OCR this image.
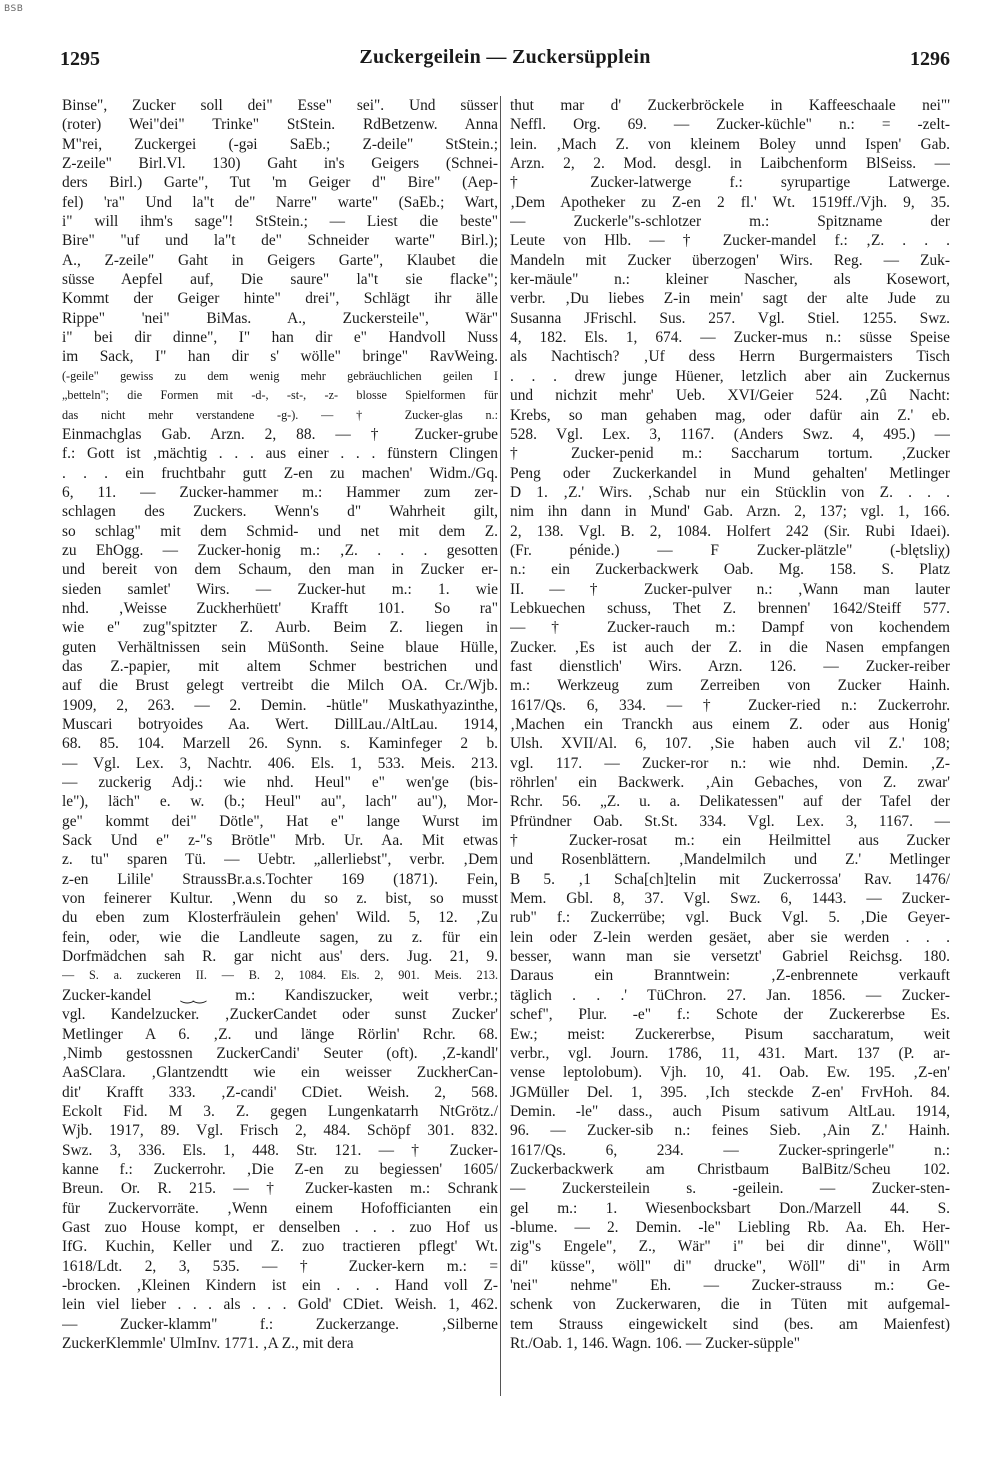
BSB
1295	Zuckergeilein — Zuckersüpplein	1296
Binse", Zucker soll dei" Esse" sei". Und süsser
(roter) Wei"dei" Trinke" StStein. RdBetzenw. Anna
M"rei, Zuckergei (-gəi SaEb.; Z-deile" StStein.;
Z-zeile" Birl.Vl. 130) Gaht in's Geigers (Schnei-
ders Birl.) Garte", Tut 'm Geiger d" Bire" (Aep-
fel) 'ra" Und la"t de" Narre" warte" (SaEb.; Wart,
i" will ihm's sage"! StStein.; — Liest die beste"
Bire" "uf und la"t de" Schneider warte" Birl.);
A., Z-zeile" Gaht in Geigers Garte", Klaubet die
süsse Aepfel auf, Die saure" la"t sie flacke";
Kommt der Geiger hinte" drei", Schlägt ihr älle
Rippe" 'nei" BiMas. A., Zuckersteile", Wär"
i" bei dir dinne", I" han dir e" Handvoll Nuss
im Sack, I" han dir s' wölle" bringe" RavWeing.
(-geile" gewiss zu dem wenig mehr gebräuchlichen geilen I
„betteln"; die Formen mit -d-, -st-, -z- blosse Spielformen für
das nicht mehr verstandene -g-). — † Zucker-glas n.:
Einmachglas Gab. Arzn. 2, 88. — † Zucker-grube
f.: Gott ist ‚mächtig . . . aus einer . . . fünstern Clingen
. . . ein fruchtbahr gutt Z-en zu machen' Widm./Gq.
6, 11. — Zucker-hammer m.: Hammer zum zer-
schlagen des Zuckers. Wenn's d" Wahrheit gilt,
so schlag" mit dem Schmid- und net mit dem Z.
zu EhOgg. — Zucker-honig m.: ‚Z. . . . gesotten
und bereit von dem Schaum, den man in Zucker er-
sieden samlet' Wirs. — Zucker-hut m.: 1. wie
nhd. ‚Weisse Zuckherhüett' Krafft 101. So ra"
wie e" zug"spitzter Z. Aurb. Beim Z. liegen in
guten Verhältnissen sein MüSonth. Seine blaue Hülle,
das Z.-papier, mit altem Schmer bestrichen und
auf die Brust gelegt vertreibt die Milch OA. Cr./Wjb.
1909, 2, 263. — 2. Demin. -hütle" Muskathyazinthe,
Muscari botryoides Aa. Wert. DillLau./AltLau. 1914,
68. 85. 104. Marzell 26. Synn. s. Kaminfeger 2 b.
— Vgl. Lex. 3, Nachtr. 406. Els. 1, 533. Meis. 213.
— zuckerig Adj.: wie nhd. Heul" e" wen'ge (bis-
le"), läch" e. w. (b.; Heul" au", lach" au"), Mor-
ge" kommt dei" Dötle", Hat e" lange Wurst im
Sack Und e" z-"s Brötle" Mrb. Ur. Aa. Mit etwas
z. tu" sparen Tü. — Uebtr. „allerliebst", verbr. ‚Dem
z-en Lilile' StraussBr.a.s.Tochter 169 (1871). Fein,
von feinerer Kultur. ‚Wenn du so z. bist, so musst
du eben zum Klosterfräulein gehen' Wild. 5, 12. ‚Zu
fein, oder, wie die Landleute sagen, zu z. für ein
Dorfmädchen sah R. gar nicht aus' ders. Jug. 21, 9.
— S. a. zuckeren II. — B. 2, 1084. Els. 2, 901. Meis. 213.
Zucker-kandel ‿‿ m.: Kandiszucker, weit verbr.;
vgl. Kandelzucker. ‚ZuckerCandet oder sunst Zucker'
Metlinger A 6. ‚Z. und länge Rörlin' Rchr. 68.
‚Nimb gestossnen ZuckerCandi' Seuter (oft). ‚Z-kandl'
AaSClara. ‚Glantzendtt wie ein weisser ZuckherCan-
dit' Krafft 333. ‚Z-candi' CDiet. Weish. 2, 568.
Eckolt Fid. M 3. Z. gegen Lungenkatarrh NtGrötz./
Wjb. 1917, 89. Vgl. Frisch 2, 484. Schöpf 301. 832.
Swz. 3, 336. Els. 1, 448. Str. 121. — † Zucker-
kanne f.: Zuckerrohr. ‚Die Z-en zu begiessen' 1605/
Breun. Or. R. 215. — † Zucker-kasten m.: Schrank
für Zuckervorräte. ‚Wenn einem Hofofficianten ein
Gast zuo House kompt, er denselben . . . zuo Hof us
IfG. Kuchin, Keller und Z. zuo tractieren pflegt' Wt.
1618/Ldt. 2, 3, 535. — † Zucker-kern m.: =
-brocken. ‚Kleinen Kindern ist ein . . . Hand voll Z-
lein viel lieber . . . als . . . Gold' CDiet. Weish. 1, 462.
— Zucker-klamm" f.: Zuckerzange. ‚Silberne
ZuckerKlemmle' UlmInv. 1771. ‚A Z., mit dera
thut mar d' Zuckerbröckele in Kaffeeschaale nei"'
Neffl. Org. 69. — Zucker-küchle" n.: = -zelt-
lein. ‚Mach Z. von kleinem Boley unnd Ispen' Gab.
Arzn. 2, 2. Mod. desgl. in Laibchenform BlSeiss. —
† Zucker-latwerge f.: syrupartige Latwerge.
‚Dem Apotheker zu Z-en 2 fl.' Wt. 1519ff./Vjh. 9, 35.
— Zuckerle"s-schlotzer m.: Spitzname der
Leute von Hlb. — † Zucker-mandel f.: ‚Z. . . .
Mandeln mit Zucker überzogen' Wirs. Reg. — Zuk-
ker-mäule" n.: kleiner Nascher, als Kosewort,
verbr. ‚Du liebes Z-in mein' sagt der alte Jude zu
Susanna JFrischl. Sus. 257. Vgl. Stiel. 1255. Swz.
4, 182. Els. 1, 674. — Zucker-mus n.: süsse Speise
als Nachtisch? ‚Uf dess Herrn Burgermaisters Tisch
. . . drew junge Hüener, letzlich aber ain Zuckernus
und nichzit mehr' Ueb. XVI/Geier 524. ‚Zû Nacht:
Krebs, so man gehaben mag, oder dafür ain Z.' eb.
528. Vgl. Lex. 3, 1167. (Anders Swz. 4, 495.) —
† Zucker-penid m.: Saccharum tortum. ‚Zucker
Peng oder Zuckerkandel in Mund gehalten' Metlinger
D 1. ‚Z.' Wirs. ‚Schab nur ein Stücklin von Z. . . .
nim ihn dann in Mund' Gab. Arzn. 2, 137; vgl. 1, 166.
2, 138. Vgl. B. 2, 1084. Holfert 242 (Sir. Rubi Idaei).
(Fr. pénide.) — F Zucker-plätzle" (-blętsliχ)
n.: ein Zuckerbackwerk Oab. Mg. 158. S. Platz
II. — † Zucker-pulver n.: ‚Wann man lauter
Lebkuechen schuss, Thet Z. brennen' 1642/Steiff 577.
— † Zucker-rauch m.: Dampf von kochendem
Zucker. ‚Es ist auch der Z. in die Nasen empfangen
fast dienstlich' Wirs. Arzn. 126. — Zucker-reiber
m.: Werkzeug zum Zerreiben von Zucker Hainh.
1617/Qs. 6, 334. — † Zucker-ried n.: Zuckerrohr.
‚Machen ein Tranckh aus einem Z. oder aus Honig'
Ulsh. XVII/Al. 6, 107. ‚Sie haben auch vil Z.' 108;
vgl. 117. — Zucker-ror n.: wie nhd. Demin. ‚Z-
röhrlen' ein Backwerk. ‚Ain Gebaches, von Z. zwar'
Rchr. 56. „Z. u. a. Delikatessen" auf der Tafel der
Pfründner Oab. St.St. 334. Vgl. Lex. 3, 1167. —
† Zucker-rosat m.: ein Heilmittel aus Zucker
und Rosenblättern. ‚Mandelmilch und Z.' Metlinger
B 5. ‚1 Scha[ch]telin mit Zuckerrossa' Rav. 1476/
Mem. Gbl. 8, 37. Vgl. Swz. 6, 1443. — Zucker-
rub" f.: Zuckerrübe; vgl. Buck Vgl. 5. ‚Die Geyer-
lein oder Z-lein werden gesäet, aber sie werden . . .
besser, wann man sie versetzt' Gabriel Reichsg. 180.
Daraus ein Branntwein: ‚Z-enbrennete verkauft
täglich . . .' TüChron. 27. Jan. 1856. — Zucker-
schef", Plur. -e" f.: Schote der Zuckererbse Es.
Ew.; meist: Zuckererbse, Pisum saccharatum, weit
verbr., vgl. Journ. 1786, 11, 431. Mart. 137 (P. ar-
vense leptolobum). Vjh. 10, 41. Oab. Ew. 195. ‚Z-en'
JGMüller Del. 1, 395. ‚Ich steckde Z-en' FrvHoh. 84.
Demin. -le" dass., auch Pisum sativum AltLau. 1914,
96. — Zucker-sib n.: feines Sieb. ‚Ain Z.' Hainh.
1617/Qs. 6, 234. — Zucker-springerle" n.:
Zuckerbackwerk am Christbaum BalBitz/Scheu 102.
— Zuckersteilein s. -geilein. — Zucker-sten-
gel m.: 1. Wiesenbocksbart Don./Marzell 44. S.
-blume. — 2. Demin. -le" Liebling Rb. Aa. Eh. Her-
zig"s Engele", Z., Wär" i" bei dir dinne", Wöll"
di" küsse", wöll" di" drucke", Wöll" di" in Arm
'nei" nehme" Eh. — Zucker-strauss m.: Ge-
schenk von Zuckerwaren, die in Tüten mit aufgemal-
tem Strauss eingewickelt sind (bes. am Maienfest)
Rt./Oab. 1, 146. Wagn. 106. — Zucker-süpple"
